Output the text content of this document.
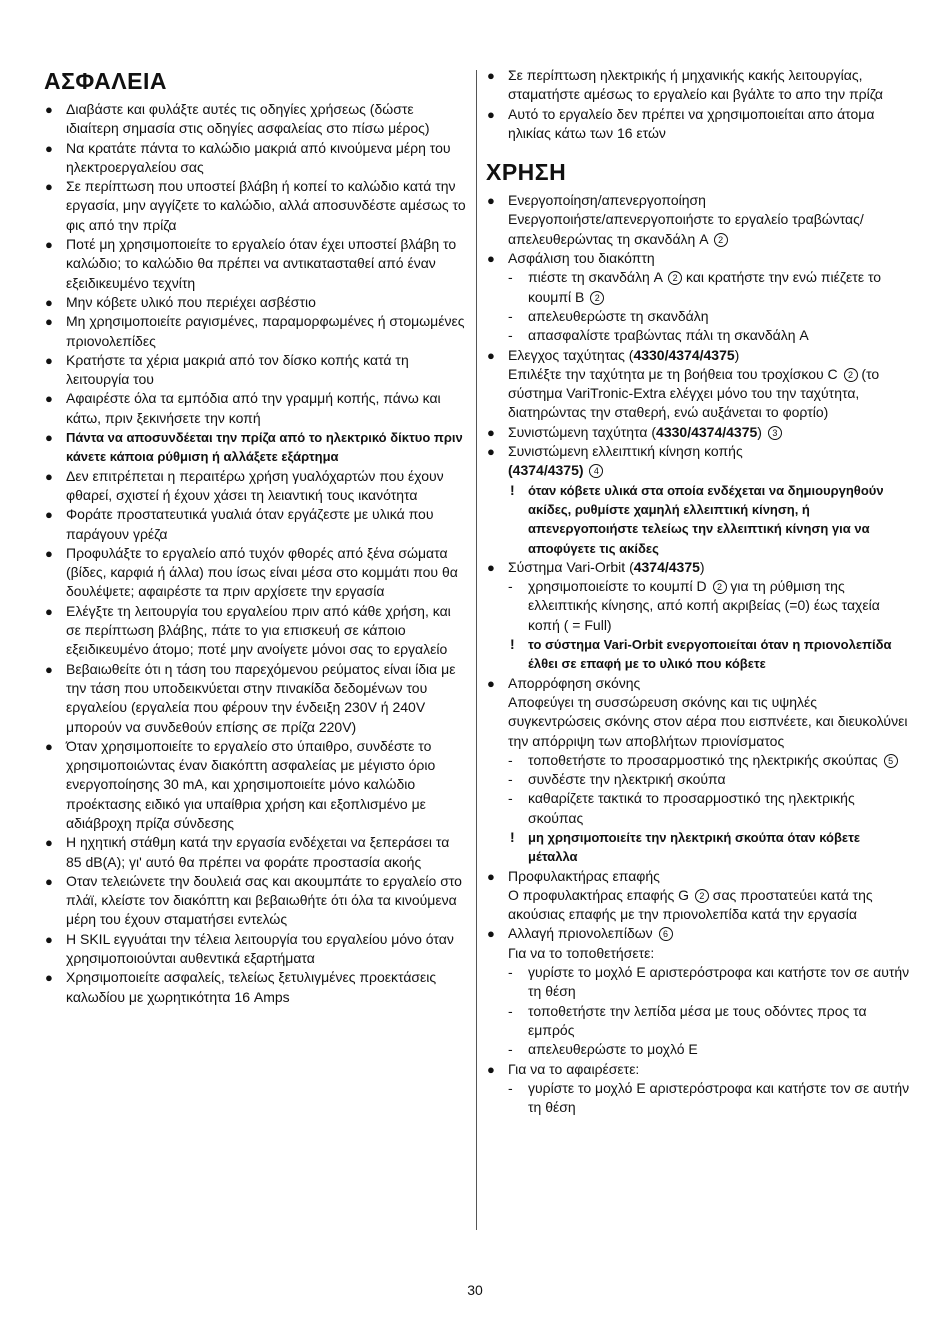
ΑΣΦΑΛΕΙΑ
● Διαβάστε και φυλάξτε αυτές τις οδηγίες χρήσεως (δώστε ιδιαίτερη σημασία στις οδηγίες ασφαλείας στο πίσω μέρος)
● Να κρατάτε πάντα το καλώδιο μακριά από κινούμενα μέρη του ηλεκτροεργαλείου σας
● Σε περίπτωση που υποστεί βλάβη ή κοπεί το καλώδιο κατά την εργασία, μην αγγίζετε το καλώδιο, αλλά αποσυνδέστε αμέσως το φις από την πρίζα
● Ποτέ μη χρησιμοποιείτε το εργαλείο όταν έχει υποστεί βλάβη το καλώδιο; το καλώδιο θα πρέπει να αντικατασταθεί από έναν εξειδικευμένο τεχνίτη
● Μην κόβετε υλικό που περιέχει ασβέστιο
● Μη χρησιμοποιείτε ραγισμένες, παραμορφωμένες ή στομωμένες πριονολεπίδες
● Κρατήστε τα χέρια μακριά από τον δίσκο κοπής κατά τη λειτουργία του
● Αφαιρέστε όλα τα εμπόδια από την γραμμή κοπής, πάνω και κάτω, πριν ξεκινήσετε την κοπή
● Πάντα να αποσυνδέεται την πρίζα από το ηλεκτρικό δίκτυο πριν κάνετε κάποια ρύθμιση ή αλλάξετε εξάρτημα
● Δεν επιτρέπεται η περαιτέρω χρήση γυαλόχαρτών που έχουν φθαρεί, σχιστεί ή έχουν χάσει τη λειαντική τους ικανότητα
● Φοράτε προστατευτικά γυαλιά όταν εργάζεστε με υλικά που παράγουν γρέζα
● Προφυλάξτε το εργαλείο από τυχόν φθορές από ξένα σώματα (βίδες, καρφιά ή άλλα) που ίσως είναι μέσα στο κομμάτι που θα δουλέψετε; αφαιρέστε τα πριν αρχίσετε την εργασία
● Ελέγξτε τη λειτουργία του εργαλείου πριν από κάθε χρήση, και σε περίπτωση βλάβης, πάτε το για επισκευή σε κάποιο εξειδικευμένο άτομο; ποτέ μην ανοίγετε μόνοι σας το εργαλείο
● Βεβαιωθείτε ότι η τάση του παρεχόμενου ρεύματος είναι ίδια με την τάση που υποδεικνύεται στην πινακίδα δεδομένων του εργαλείου (εργαλεία που φέρουν την ένδειξη 230V ή 240V μπορούν να συνδεθούν επίσης σε πρίζα 220V)
● Όταν χρησιμοποιείτε το εργαλείο στο ύπαιθρο, συνδέστε το χρησιμοποιώντας έναν διακόπτη ασφαλείας με μέγιστο όριο ενεργοποίησης 30 mA, και χρησιμοποιείτε μόνο καλώδιο προέκτασης ειδικό για υπαίθρια χρήση και εξοπλισμένο με αδιάβροχη πρίζα σύνδεσης
● Η ηχητική στάθμη κατά την εργασία ενδέχεται να ξεπεράσει τα 85 dB(A); γι' αυτό θα πρέπει να φοράτε προστασία ακοής
● Οταν τελειώνετε την δουλειά σας και ακουμπάτε το εργαλείο στο πλάϊ, κλείστε τον διακόπτη και βεβαιωθήτε ότι όλα τα κινούμενα μέρη του έχουν σταματήσει εντελώς
● Η SKIL εγγυάται την τέλεια λειτουργία του εργαλείου μόνο όταν χρησιμοποιούνται αυθεντικά εξαρτήματα
● Χρησιμοποιείτε ασφαλείς, τελείως ξετυλιγμένες προεκτάσεις καλωδίου με χωρητικότητα 16 Amps
● Σε περίπτωση ηλεκτρικής ή μηχανικής κακής λειτουργίας, σταματήστε αμέσως το εργαλείο και βγάλτε το απο την πρίζα
● Αυτό το εργαλείο δεν πρέπει να χρησιμοποιείται απο άτομα ηλικίας κάτω των 16 ετών
ΧΡΗΣΗ
● Ενεργοποίηση/απενεργοποίηση
Ενεργοποιήστε/απενεργοποιήστε το εργαλείο τραβώντας/απελευθερώντας τη σκανδάλη A 2
● Ασφάλιση του διακόπτη
- πιέστε τη σκανδάλη A 2 και κρατήστε την ενώ πιέζετε το κουμπί B 2
- απελευθερώστε τη σκανδάλη
- απασφαλίστε τραβώντας πάλι τη σκανδάλη A
● Ελεγχος ταχύτητας (4330/4374/4375)
Επιλέξτε την ταχύτητα με τη βοήθεια του τροχίσκου C 2 (το σύστημα VariTronic-Extra ελέγχει μόνο του την ταχύτητα, διατηρώντας την σταθερή, ενώ αυξάνεται το φορτίο)
● Συνιστώμενη ταχύτητα (4330/4374/4375) 3
● Συνιστώμενη ελλειπτική κίνηση κοπής
(4374/4375) 4
! όταν κόβετε υλικά στα οποία ενδέχεται να δημιουργηθούν ακίδες, ρυθμίστε χαμηλή ελλειπτική κίνηση, ή απενεργοποιήστε τελείως την ελλειπτική κίνηση για να αποφύγετε τις ακίδες
● Σύστημα Vari-Orbit (4374/4375)
- χρησιμοποιείστε το κουμπί D 2 για τη ρύθμιση της ελλειπτικής κίνησης, από κοπή ακριβείας (=0) έως ταχεία κοπή ( = Full)
! το σύστημα Vari-Orbit ενεργοποιείται όταν η πριονολεπίδα έλθει σε επαφή με το υλικό που κόβετε
● Απορρόφηση σκόνης
Αποφεύγει τη συσσώρευση σκόνης και τις υψηλές συγκεντρώσεις σκόνης στον αέρα που εισπνέετε, και διευκολύνει την απόρριψη των αποβλήτων πριονίσματος
- τοποθετήστε το προσαρμοστικό της ηλεκτρικής σκούπας 5
- συνδέστε την ηλεκτρική σκούπα
- καθαρίζετε τακτικά το προσαρμοστικό της ηλεκτρικής σκούπας
! μη χρησιμοποιείτε την ηλεκτρική σκούπα όταν κόβετε μέταλλα
● Προφυλακτήρας επαφής
Ο προφυλακτήρας επαφής G 2 σας προστατεύει κατά της ακούσιας επαφής με την πριονολεπίδα κατά την εργασία
● Αλλαγή πριονολεπίδων 6
Για να το τοποθετήσετε:
- γυρίστε το μοχλό E αριστερόστροφα και κατήστε τον σε αυτήν τη θέση
- τοποθετήστε την λεπίδα μέσα με τους οδόντες προς τα εμπρός
- απελευθερώστε το μοχλό E
● Για να το αφαιρέσετε:
- γυρίστε το μοχλό E αριστερόστροφα και κατήστε τον σε αυτήν τη θέση
30
